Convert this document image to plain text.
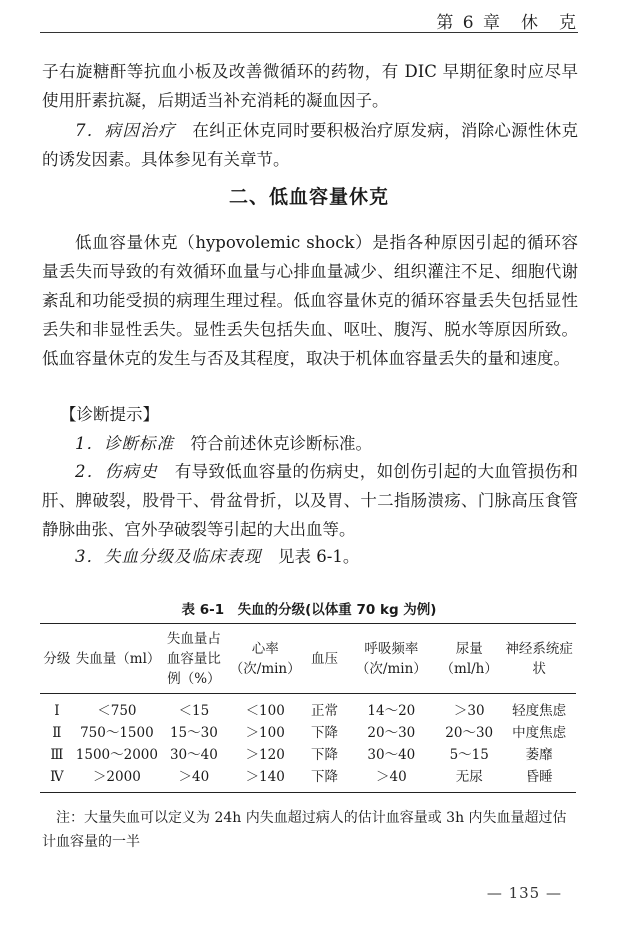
第 6 章　休　克
子右旋糖酐等抗血小板及改善微循环的药物，有 DIC 早期征象时应尽早使用肝素抗凝，后期适当补充消耗的凝血因子。
7．病因治疗　在纠正休克同时要积极治疗原发病，消除心源性休克的诱发因素。具体参见有关章节。
二、低血容量休克
低血容量休克（hypovolemic shock）是指各种原因引起的循环容量丢失而导致的有效循环血量与心排血量减少、组织灌注不足、细胞代谢紊乱和功能受损的病理生理过程。低血容量休克的循环容量丢失包括显性丢失和非显性丢失。显性丢失包括失血、呕吐、腹泻、脱水等原因所致。低血容量休克的发生与否及其程度，取决于机体血容量丢失的量和速度。
【诊断提示】
1．诊断标准　符合前述休克诊断标准。
2．伤病史　有导致低血容量的伤病史，如创伤引起的大血管损伤和肝、脾破裂，股骨干、骨盆骨折，以及胃、十二指肠溃疡、门脉高压食管静脉曲张、宫外孕破裂等引起的大出血等。
3．失血分级及临床表现　见表 6-1。
表 6-1　失血的分级(以体重 70 kg 为例)
分级	失血量（ml）	失血量占血容量比例（%）	心率（次/min）	血压	呼吸频率（次/min）	尿量（ml/h）	神经系统症状
Ⅰ	＜750	＜15	＜100	正常	14～20	＞30	轻度焦虑
Ⅱ	750～1500	15～30	＞100	下降	20～30	20～30	中度焦虑
Ⅲ	1500～2000	30～40	＞120	下降	30～40	5～15	萎靡
Ⅳ	＞2000	＞40	＞140	下降	＞40	无尿	昏睡
注：大量失血可以定义为 24h 内失血超过病人的估计血容量或 3h 内失血量超过估计血容量的一半
— 135 —
